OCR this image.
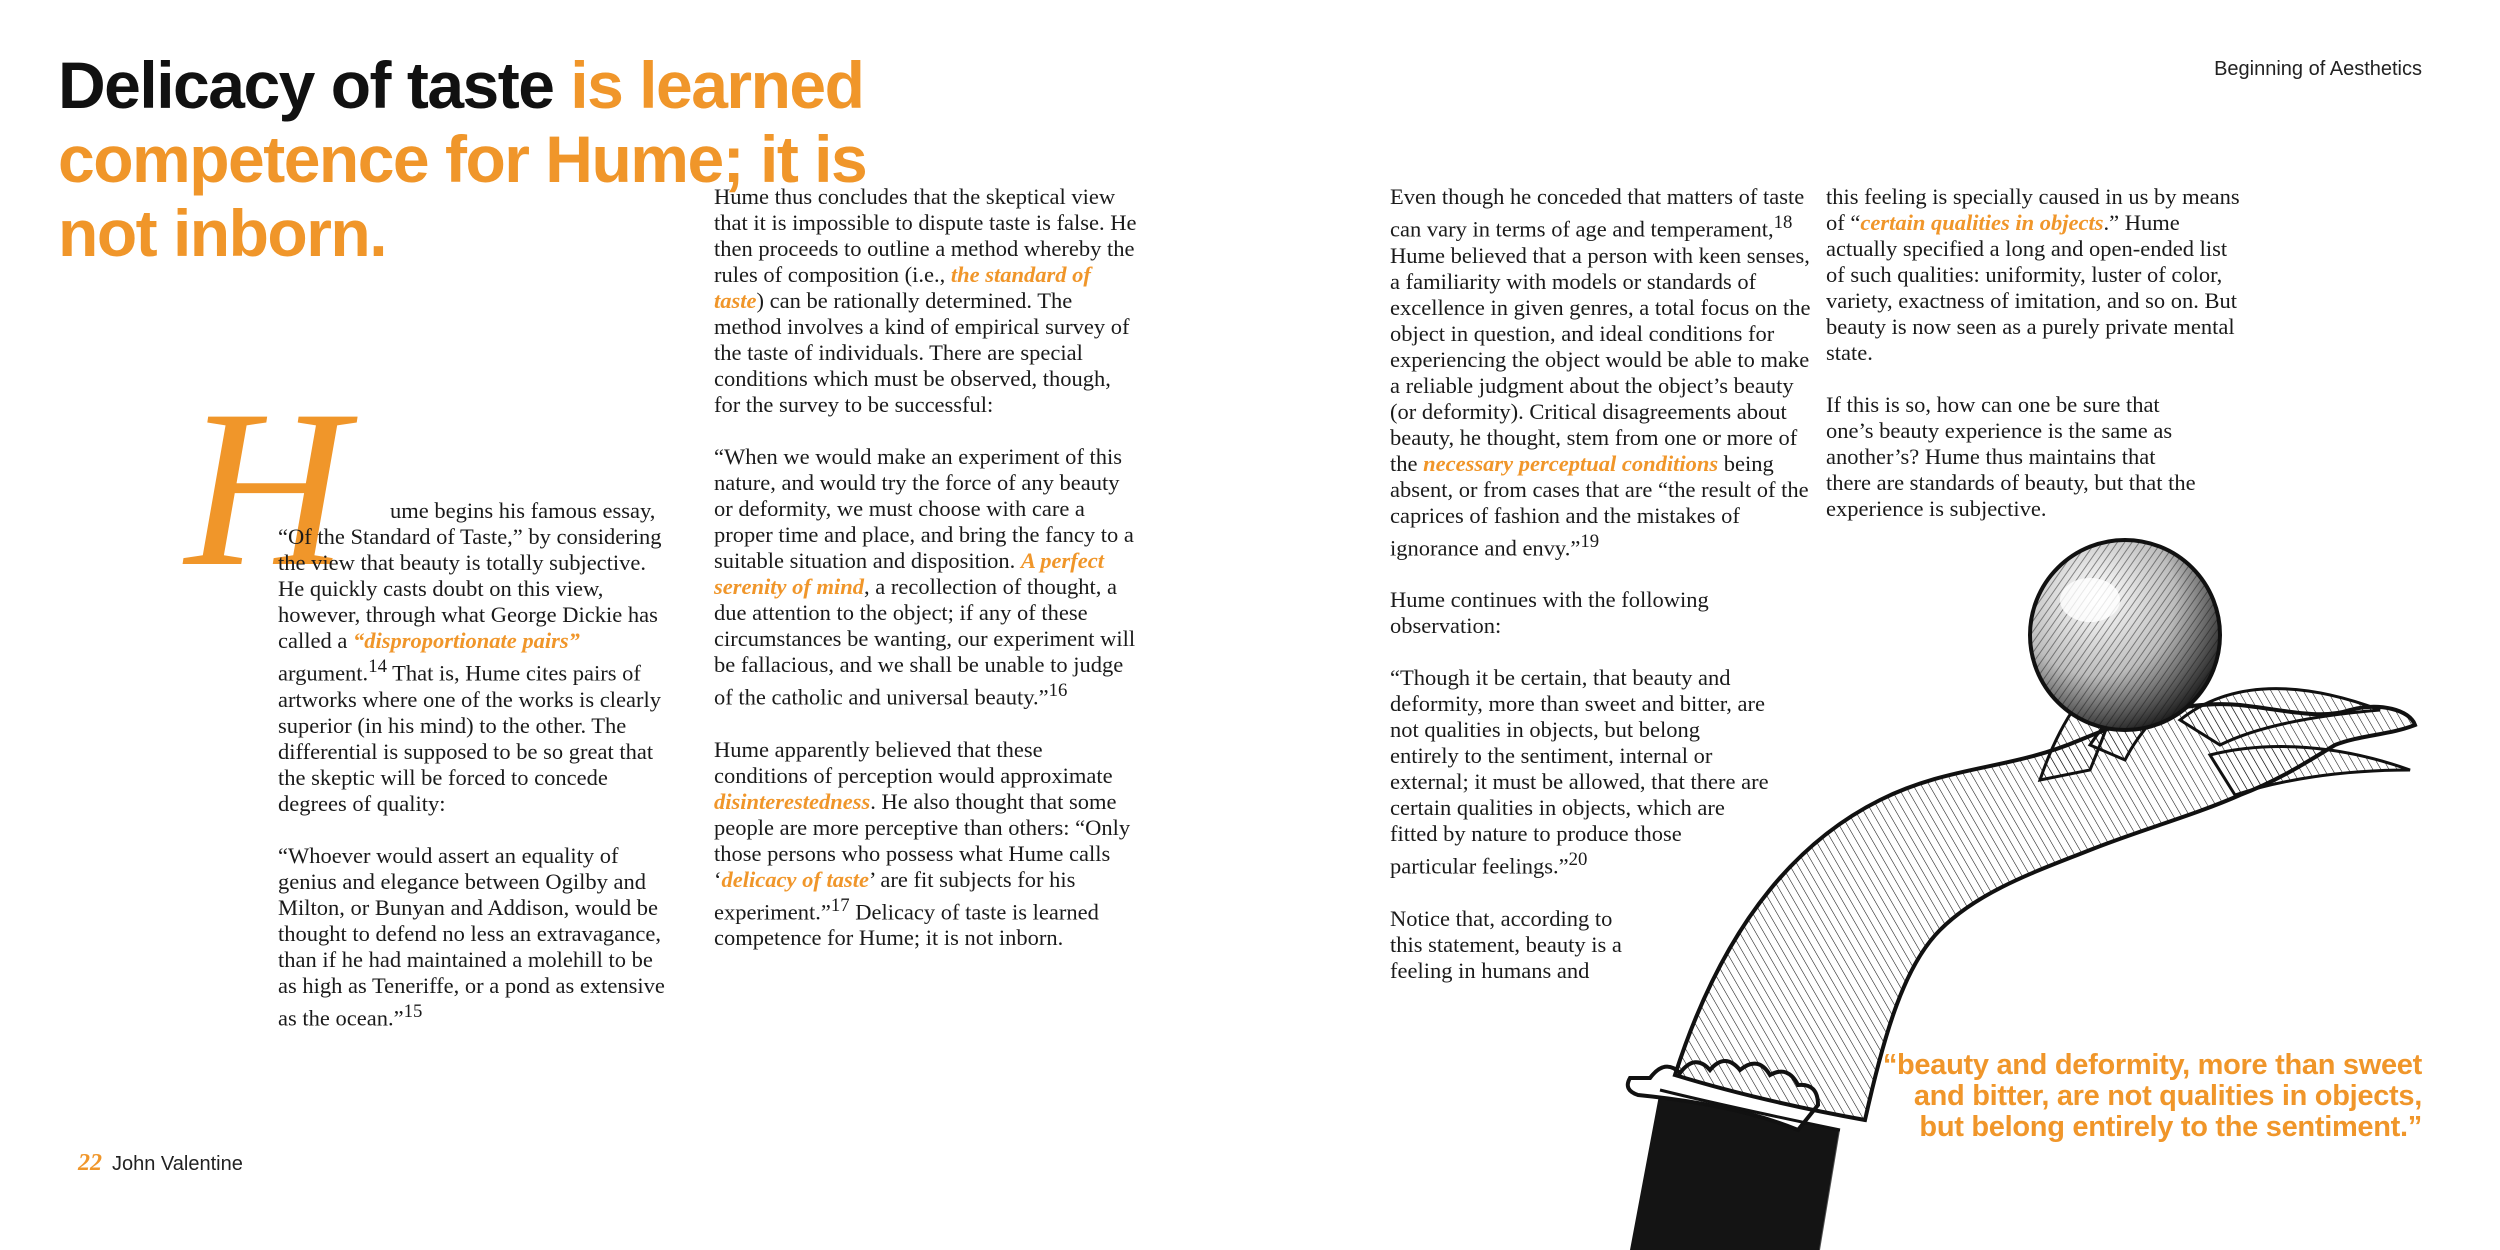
Beginning of Aesthetics
Delicacy of taste is learned competence for Hume; it is not inborn.
H	ume begins his famous essay, “Of the Standard of Taste,” by considering the view that beauty is totally subjective. He quickly casts doubt on this view, however, through what George Dickie has called a “disproportionate pairs” argument.$^{14}$ That is, Hume cites pairs of artworks where one of the works is clearly superior (in his mind) to the other. The differential is supposed to be so great that the skeptic will be forced to concede degrees of quality:

“Whoever would assert an equality of genius and elegance between Ogilby and Milton, or Bunyan and Addison, would be thought to defend no less an extravagance, than if he had maintained a molehill to be as high as Teneriffe, or a pond as extensive as the ocean.”$^{15}$

Hume thus concludes that the skeptical view that it is impossible to dispute taste is false. He then proceeds to outline a method whereby the rules of composition (i.e., the standard of taste) can be rationally determined. The method involves a kind of empirical survey of the taste of individuals. There are special conditions which must be observed, though, for the survey to be successful:

“When we would make an experiment of this nature, and would try the force of any beauty or deformity, we must choose with care a proper time and place, and bring the fancy to a suitable situation and disposition. A perfect serenity of mind, a recollection of thought, a due attention to the object; if any of these circumstances be wanting, our experiment will be fallacious, and we shall be unable to judge of the catholic and universal beauty.”$^{16}$

Hume apparently believed that these conditions of perception would approximate disinterestedness. He also thought that some people are more perceptive than others: “Only those persons who possess what Hume calls ‘delicacy of taste’ are fit subjects for his experiment.”$^{17}$ Delicacy of taste is learned competence for Hume; it is not inborn.

Even though he conceded that matters of taste can vary in terms of age and temperament,$^{18}$ Hume believed that a person with keen senses, a familiarity with models or standards of excellence in given genres, a total focus on the object in question, and ideal conditions for experiencing the object would be able to make a reliable judgment about the object’s beauty (or deformity). Critical disagreements about beauty, he thought, stem from one or more of the necessary perceptual conditions being absent, or from cases that are “the result of the caprices of fashion and the mistakes of ignorance and envy.”$^{19}$

Hume continues with the following observation:

“Though it be certain, that beauty and deformity, more than sweet and bitter, are not qualities in objects, but belong entirely to the sentiment, internal or external; it must be allowed, that there are certain qualities in objects, which are fitted by nature to produce those particular feelings.”$^{20}$

Notice that, according to this statement, beauty is a feeling in humans and

this feeling is specially caused in us by means of “certain qualities in objects.” Hume actually specified a long and open-ended list of such qualities: uniformity, luster of color, variety, exactness of imitation, and so on. But beauty is now seen as a purely private mental state.

If this is so, how can one be sure that one’s beauty experience is the same as another’s? Hume thus maintains that there are standards of beauty, but that the experience is subjective.

“beauty and deformity, more than sweet and bitter, are not qualities in objects, but belong entirely to the sentiment.”
22 John Valentine
